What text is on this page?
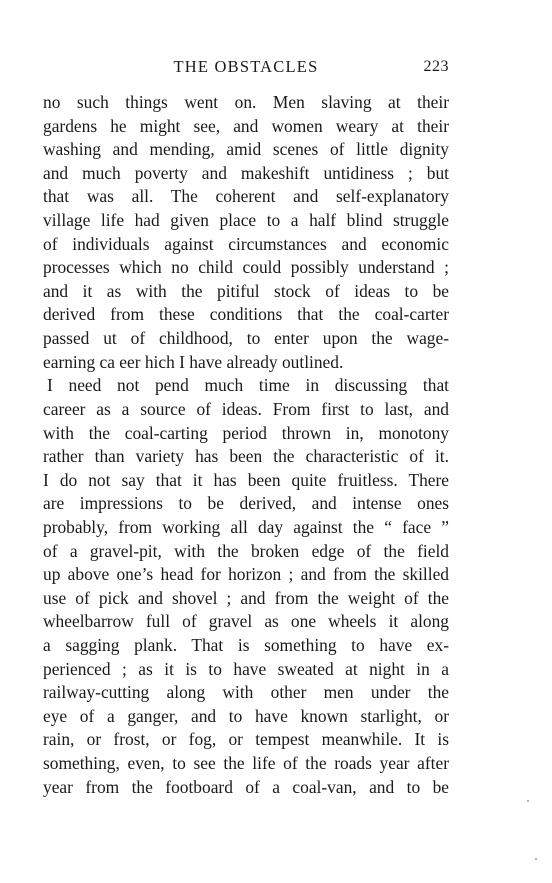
THE OBSTACLES	223
no such things went on. Men slaving at their
gardens he might see, and women weary at their
washing and mending, amid scenes of little dignity
and much poverty and makeshift untidiness ; but
that was all. The coherent and self-explanatory
village life had given place to a half blind struggle
of individuals against circumstances and economic
processes which no child could possibly understand ;
and it as with the pitiful stock of ideas to be
derived from these conditions that the coal-carter
passed ut of childhood, to enter upon the wage-
earning ca eer hich I have already outlined.
I need not pend much time in discussing that
career as a source of ideas. From first to last, and
with the coal-carting period thrown in, monotony
rather than variety has been the characteristic of it.
I do not say that it has been quite fruitless. There
are impressions to be derived, and intense ones
probably, from working all day against the “ face ”
of a gravel-pit, with the broken edge of the field
up above one’s head for horizon ; and from the skilled
use of pick and shovel ; and from the weight of the
wheelbarrow full of gravel as one wheels it along
a sagging plank. That is something to have ex-
perienced ; as it is to have sweated at night in a
railway-cutting along with other men under the
eye of a ganger, and to have known starlight, or
rain, or frost, or fog, or tempest meanwhile. It is
something, even, to see the life of the roads year after
year from the footboard of a coal-van, and to be
